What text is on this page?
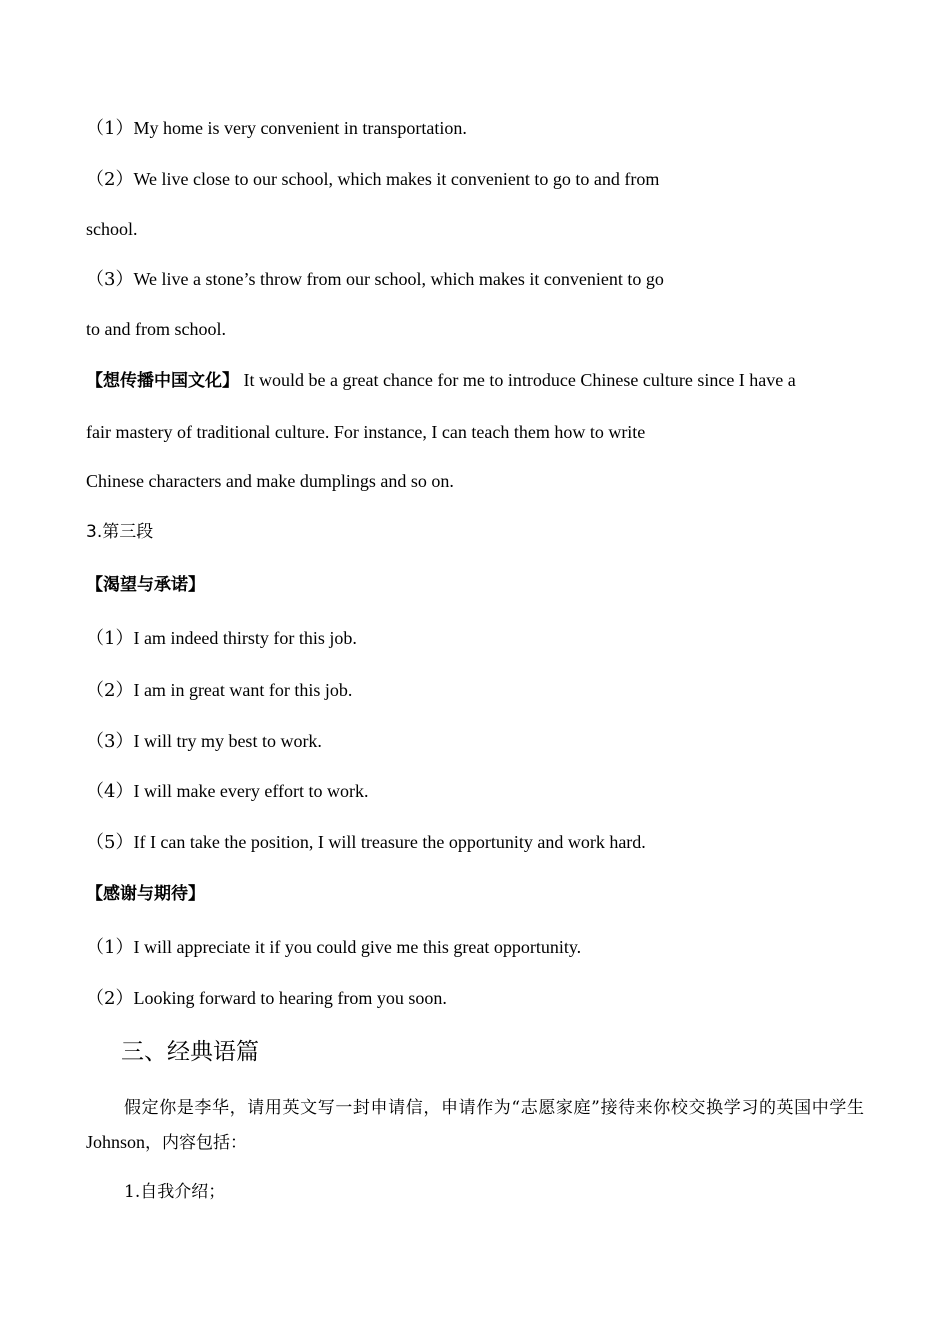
（1）My home is very convenient in transportation.
（2）We live close to our school, which makes it convenient to go to and from
school.
（3）We live a stone’s throw from our school, which makes it convenient to go
to and from school.
【想传播中国文化】 It would be a great chance for me to introduce Chinese culture since I have a
fair mastery of traditional culture. For instance, I can teach them how to write
Chinese characters and make dumplings and so on.
3.第三段
【渴望与承诺】
（1）I am indeed thirsty for this job.
（2）I am in great want for this job.
（3）I will try my best to work.
（4）I will make every effort to work.
（5）If I can take the position, I will treasure the opportunity and work hard.
【感谢与期待】
（1）I will appreciate it if you could give me this great opportunity.
（2）Looking forward to hearing from you soon.
三、经典语篇
假定你是李华，请用英文写一封申请信，申请作为“志愿家庭”接待来你校交换学习的英国中学生 Johnson，内容包括：
1.自我介绍；
